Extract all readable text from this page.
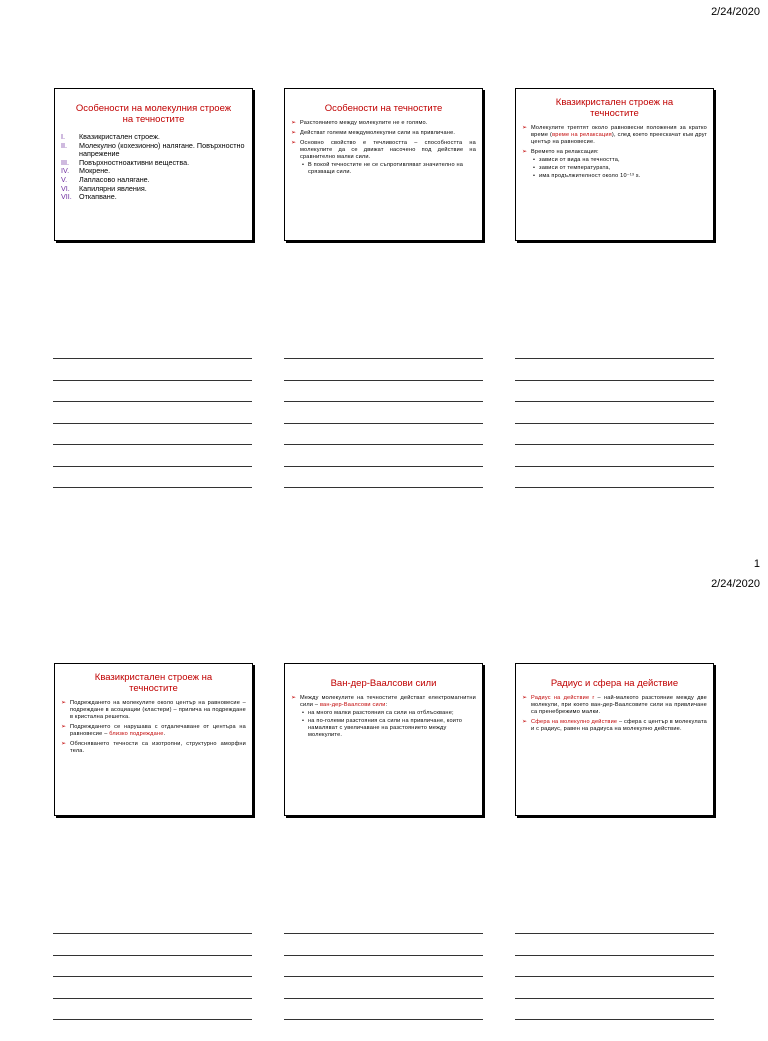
2/24/2020
Особености на молекулния строеж на течностите
I.	Квазикристален строеж.
II.	Молекулно (кохезионно) налягане. Повърхностно напрежение
III.	Повърхностноактивни вещества.
IV.	Мокрене.
V.	Лапласово налягане.
VI.	Капилярни явления.
VII.	Откапване.
Особености на течностите
➢ Разстоянието между молекулите не е голямо.
➢ Действат големи междумолекулни сили на привличане.
➢ Основно свойство е течливостта – способността на молекулите да се движат насочено под действие на сравнително малки сили.
• В покой течностите не се съпротивляват значително на срязващи сили.
Квазикристален строеж на течностите
➢ Молекулите трептят около равновесни положения за кратко време (време на релаксация), след което преескачат към друг център на равновесие.
➢ Времето на релаксация:
• зависи от вида на течността,
• зависи от температурата,
• има продължителност около 10⁻¹³ s.
1
2/24/2020
Квазикристален строеж на течностите
➢ Подреждането на молекулите около център на равновесие – подреждане в асоциации (кластери) – прилича на подреждане в кристална решетка.
➢ Подреждането се нарушава с отдалечаване от центъра на равновесие – близко подреждане.
➢ Обясняването течности са изотропни, структурно аморфни тела.
Ван-дер-Ваалсови сили
➢ Между молекулите на течностите действат електромагнитни сили – ван-дер-Ваалсови сили:
• на много малки разстояния са сили на отблъскване;
• на по-големи разстояния са сили на привличане, които намаляват с увеличаване на разстоянието между молекулите.
Радиус и сфера на действие
➢ Радиус на действие r – най-малкото разстояние между две молекули, при което ван-дер-Ваалсовите сили на привличане са пренебрежимо малки.
➢ Сфера на молекулно действие – сфера с център в молекулата и с радиус, равен на радиуса на молекулно действие.
